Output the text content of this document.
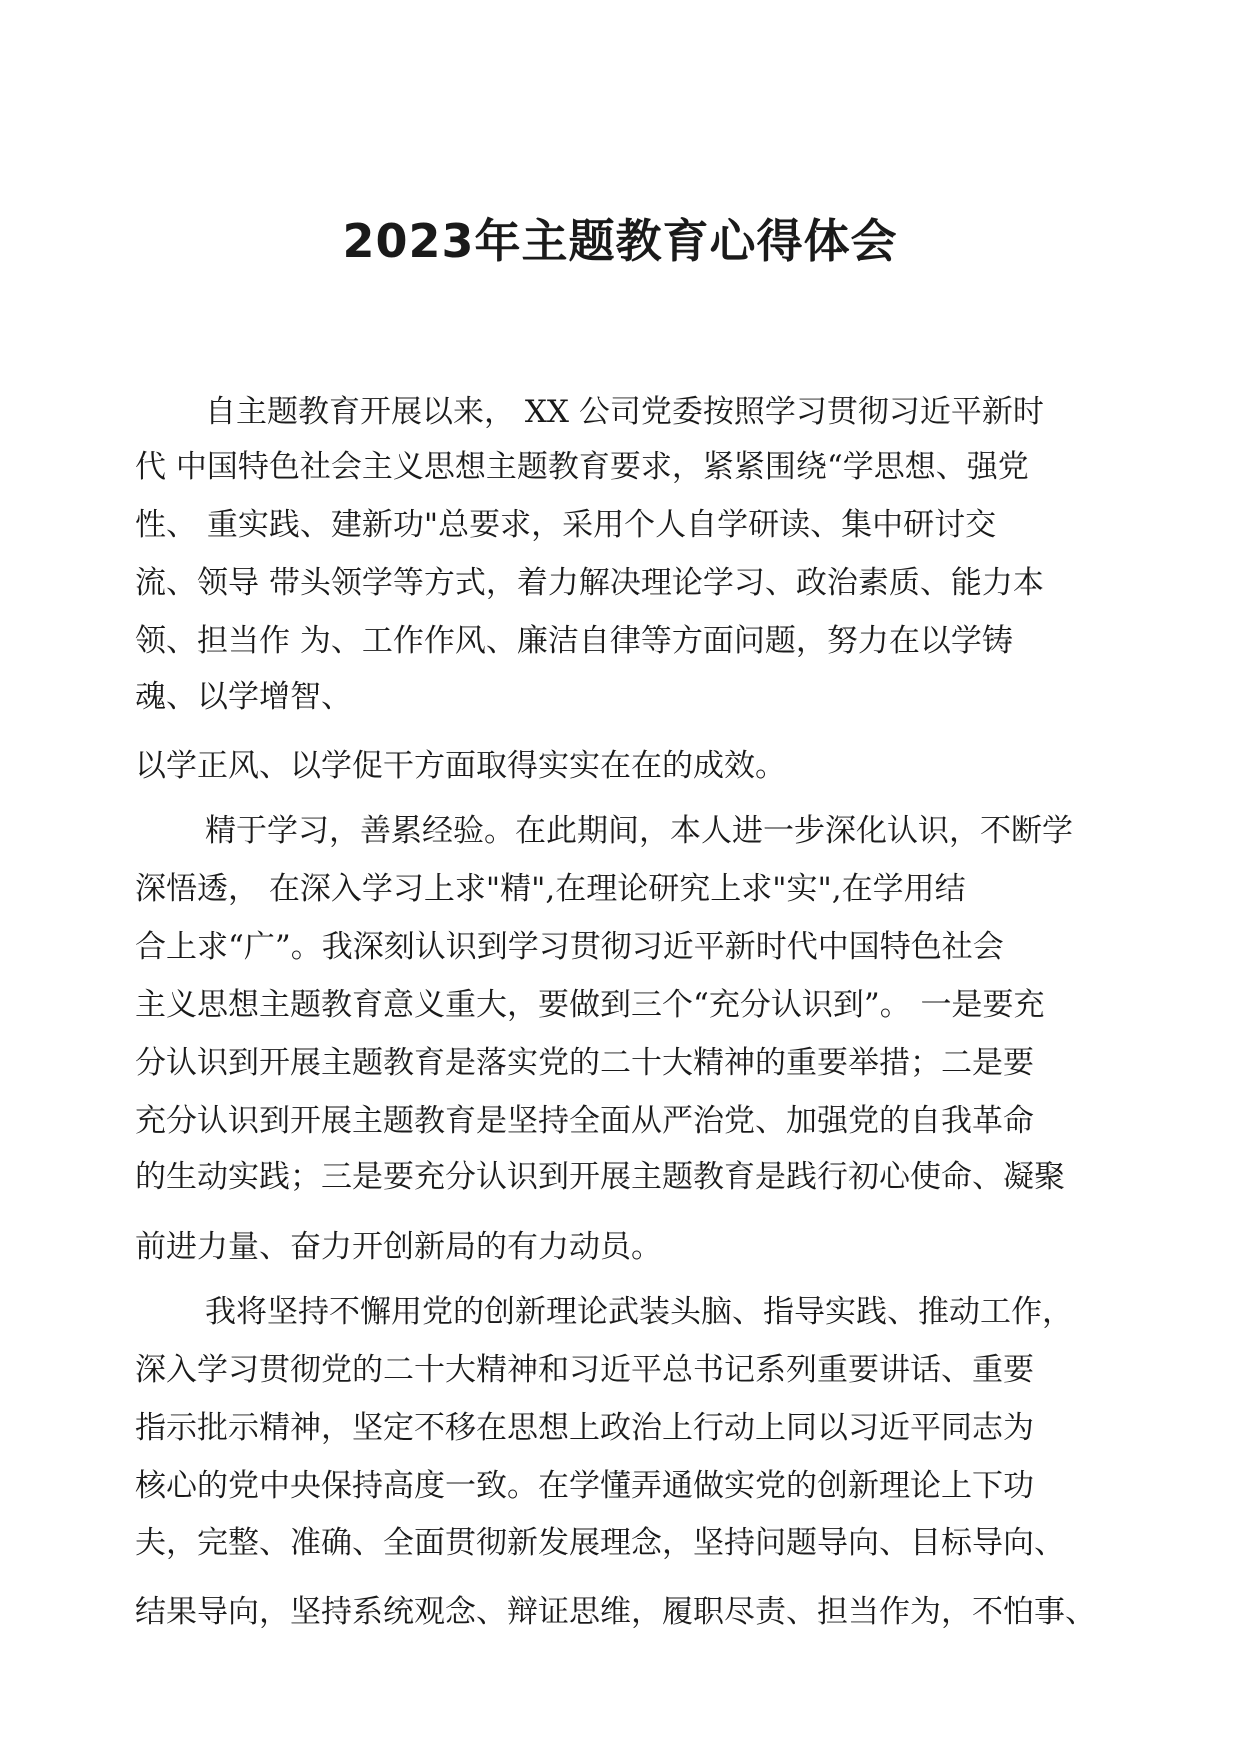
2023年主题教育心得体会

自主题教育开展以来， XX 公司党委按照学习贯彻习近平新时

代 中国特色社会主义思想主题教育要求，紧紧围绕“学思想、强党

性、 重实践、建新功"总要求，采用个人自学研读、集中研讨交

流、领导 带头领学等方式，着力解决理论学习、政治素质、能力本

领、担当作 为、工作作风、廉洁自律等方面问题，努力在以学铸

魂、以学增智、

以学正风、以学促干方面取得实实在在的成效。

精于学习，善累经验。在此期间，本人进一步深化认识，不断学

深悟透， 在深入学习上求"精",在理论研究上求"实",在学用结

合上求“广”。我深刻认识到学习贯彻习近平新时代中国特色社会

主义思想主题教育意义重大，要做到三个“充分认识到”。 一是要充

分认识到开展主题教育是落实党的二十大精神的重要举措；二是要

充分认识到开展主题教育是坚持全面从严治党、加强党的自我革命

的生动实践；三是要充分认识到开展主题教育是践行初心使命、凝聚

前进力量、奋力开创新局的有力动员。

我将坚持不懈用党的创新理论武装头脑、指导实践、推动工作，

深入学习贯彻党的二十大精神和习近平总书记系列重要讲话、重要

指示批示精神，坚定不移在思想上政治上行动上同以习近平同志为

核心的党中央保持高度一致。在学懂弄通做实党的创新理论上下功

夫，完整、准确、全面贯彻新发展理念，坚持问题导向、目标导向、

结果导向，坚持系统观念、辩证思维，履职尽责、担当作为，不怕事、
